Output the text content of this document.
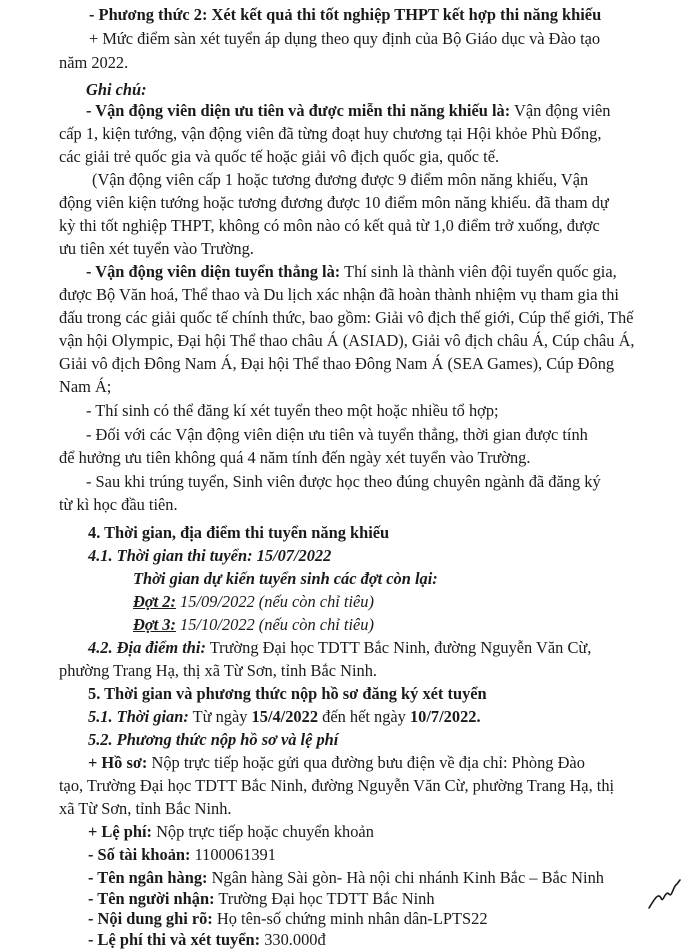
- Phương thức 2: Xét kết quả thi tốt nghiệp THPT kết hợp thi năng khiếu
+ Mức điểm sàn xét tuyển áp dụng theo quy định của Bộ Giáo dục và Đào tạo
năm 2022.
Ghi chú:
- Vận động viên diện ưu tiên và được miễn thi năng khiếu là: Vận động viên
cấp 1, kiện tướng, vận động viên đã từng đoạt huy chương tại Hội khỏe Phù Đổng,
các giải trẻ quốc gia và quốc tế hoặc giải vô địch quốc gia, quốc tế.
(Vận động viên cấp 1 hoặc tương đương được 9 điểm môn năng khiếu, Vận
động viên kiện tướng hoặc tương đương được 10 điểm môn năng khiếu. đã tham dự
kỳ thi tốt nghiệp THPT, không có môn nào có kết quả từ 1,0 điểm trở xuống, được
ưu tiên xét tuyển vào Trường.
- Vận động viên diện tuyển thẳng là: Thí sinh là thành viên đội tuyển quốc gia,
được Bộ Văn hoá, Thể thao và Du lịch xác nhận đã hoàn thành nhiệm vụ tham gia thi
đấu trong các giải quốc tế chính thức, bao gồm: Giải vô địch thế giới, Cúp thế giới, Thế
vận hội Olympic, Đại hội Thể thao châu Á (ASIAD), Giải vô địch châu Á, Cúp châu Á,
Giải vô địch Đông Nam Á, Đại hội Thể thao Đông Nam Á (SEA Games), Cúp Đông
Nam Á;
- Thí sinh có thể đăng kí xét tuyển theo một hoặc nhiều tổ hợp;
- Đối với các Vận động viên diện ưu tiên và tuyển thẳng, thời gian được tính
để hưởng ưu tiên không quá 4 năm tính đến ngày xét tuyển vào Trường.
- Sau khi trúng tuyển, Sinh viên được học theo đúng chuyên ngành đã đăng ký
từ kì học đầu tiên.
4. Thời gian, địa điểm thi tuyển năng khiếu
4.1. Thời gian thi tuyển: 15/07/2022
Thời gian dự kiến tuyển sinh các đợt còn lại:
Đợt 2: 15/09/2022 (nếu còn chỉ tiêu)
Đợt 3: 15/10/2022 (nếu còn chỉ tiêu)
4.2. Địa điểm thi: Trường Đại học TDTT Bắc Ninh, đường Nguyễn Văn Cừ,
phường Trang Hạ, thị xã Từ Sơn, tỉnh Bắc Ninh.
5. Thời gian và phương thức nộp hồ sơ đăng ký xét tuyển
5.1. Thời gian: Từ ngày 15/4/2022 đến hết ngày 10/7/2022.
5.2. Phương thức nộp hồ sơ và lệ phí
+ Hồ sơ: Nộp trực tiếp hoặc gửi qua đường bưu điện về địa chỉ: Phòng Đào
tạo, Trường Đại học TDTT Bắc Ninh, đường Nguyễn Văn Cừ, phường Trang Hạ, thị
xã Từ Sơn, tỉnh Bắc Ninh.
+ Lệ phí: Nộp trực tiếp hoặc chuyển khoản
- Số tài khoản: 1100061391
- Tên ngân hàng: Ngân hàng Sài gòn- Hà nội chi nhánh Kinh Bắc – Bắc Ninh
- Tên người nhận: Trường Đại học TDTT Bắc Ninh
- Nội dung ghi rõ: Họ tên-số chứng minh nhân dân-LPTS22
- Lệ phí thi và xét tuyển: 330.000đ
